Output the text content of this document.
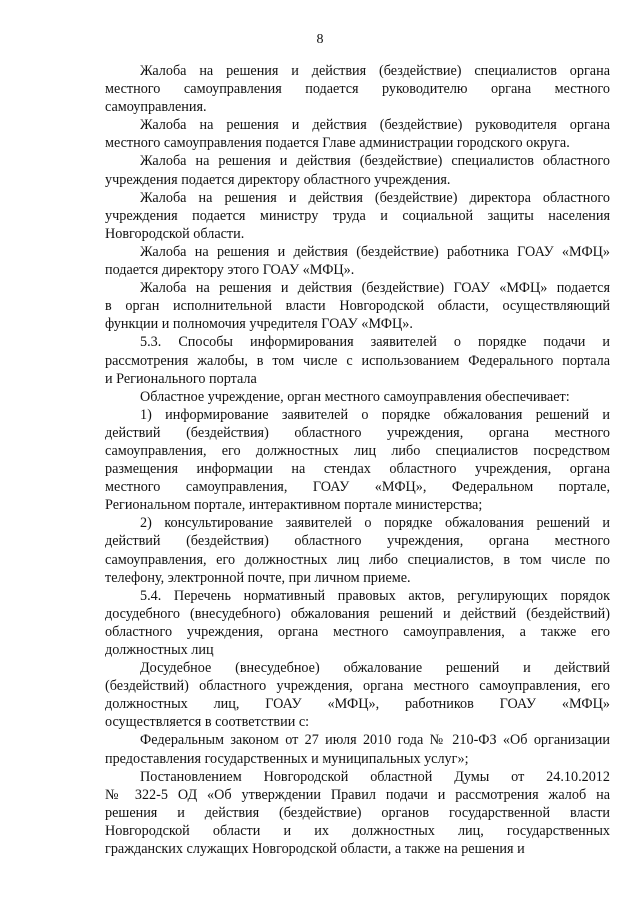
8

Жалоба на решения и действия (бездействие) специалистов органа
местного самоуправления подается руководителю органа местного
самоуправления.

Жалоба на решения и действия (бездействие) руководителя органа
местного самоуправления подается Главе администрации городского округа.

Жалоба на решения и действия (бездействие) специалистов областного
учреждения подается директору областного учреждения.

Жалоба на решения и действия (бездействие) директора областного
учреждения подается министру труда и социальной защиты населения
Новгородской области.

Жалоба на решения и действия (бездействие) работника ГОАУ «МФЦ»
подается директору этого ГОАУ «МФЦ».

Жалоба на решения и действия (бездействие) ГОАУ «МФЦ» подается
в орган исполнительной власти Новгородской области, осуществляющий
функции и полномочия учредителя ГОАУ «МФЦ».

5.3. Способы информирования заявителей о порядке подачи и
рассмотрения жалобы, в том числе с использованием Федерального портала
и Регионального портала

Областное учреждение, орган местного самоуправления обеспечивает:

1) информирование заявителей о порядке обжалования решений и
действий (бездействия) областного учреждения, органа местного
самоуправления, его должностных лиц либо специалистов посредством
размещения информации на стендах областного учреждения, органа
местного самоуправления, ГОАУ «МФЦ», Федеральном портале,
Региональном портале, интерактивном портале министерства;

2) консультирование заявителей о порядке обжалования решений и
действий (бездействия) областного учреждения, органа местного
самоуправления, его должностных лиц либо специалистов, в том числе по
телефону, электронной почте, при личном приеме.

5.4. Перечень нормативный правовых актов, регулирующих порядок
досудебного (внесудебного) обжалования решений и действий (бездействий)
областного учреждения, органа местного самоуправления, а также его
должностных лиц

Досудебное (внесудебное) обжалование решений и действий
(бездействий) областного учреждения, органа местного самоуправления, его
должностных лиц, ГОАУ «МФЦ», работников ГОАУ «МФЦ»
осуществляется в соответствии с:

Федеральным законом от 27 июля 2010 года № 210-ФЗ «Об организации
предоставления государственных и муниципальных услуг»;

Постановлением Новгородской областной Думы от 24.10.2012
№ 322-5 ОД «Об утверждении Правил подачи и рассмотрения жалоб на
решения и действия (бездействие) органов государственной власти
Новгородской области и их должностных лиц, государственных
гражданских служащих Новгородской области, а также на решения и
